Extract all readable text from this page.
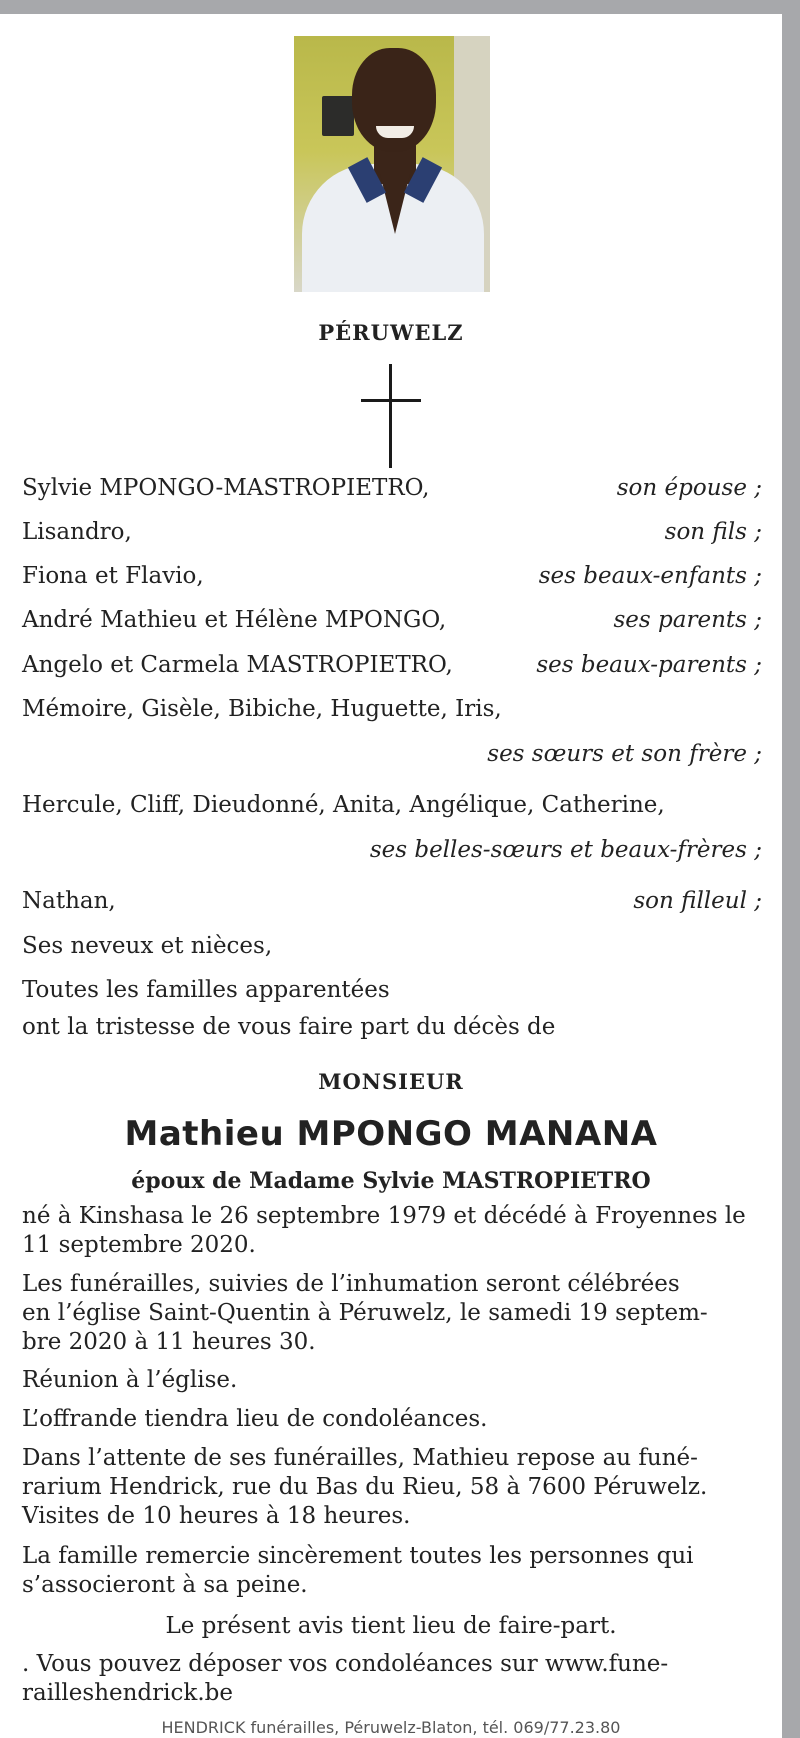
PÉRUWELZ
Sylvie MPONGO-MASTROPIETRO,	son épouse ;
Lisandro,	son fils ;
Fiona et Flavio,	ses beaux-enfants ;
André Mathieu et Hélène MPONGO,	ses parents ;
Angelo et Carmela MASTROPIETRO,	ses beaux-parents ;
Mémoire, Gisèle, Bibiche, Huguette, Iris,
ses sœurs et son frère ;
Hercule, Cliff, Dieudonné, Anita, Angélique, Catherine,
ses belles-sœurs et beaux-frères ;
Nathan,	son filleul ;
Ses neveux et nièces,
Toutes les familles apparentées
ont la tristesse de vous faire part du décès de
MONSIEUR
Mathieu MPONGO MANANA
époux de Madame Sylvie MASTROPIETRO
né à Kinshasa le 26 septembre 1979 et décédé à Froyennes le
11 septembre 2020.
Les funérailles, suivies de l’inhumation seront célébrées
en l’église Saint-Quentin à Péruwelz, le samedi 19 septem-
bre 2020 à 11 heures 30.
Réunion à l’église.
L’offrande tiendra lieu de condoléances.
Dans l’attente de ses funérailles, Mathieu repose au funé-
rarium Hendrick, rue du Bas du Rieu, 58 à 7600 Péruwelz.
Visites de 10 heures à 18 heures.
La famille remercie sincèrement toutes les personnes qui
s’associeront à sa peine.
Le présent avis tient lieu de faire-part.
. Vous pouvez déposer vos condoléances sur www.fune-
railleshendrick.be
HENDRICK funérailles, Péruwelz-Blaton, tél. 069/77.23.80
